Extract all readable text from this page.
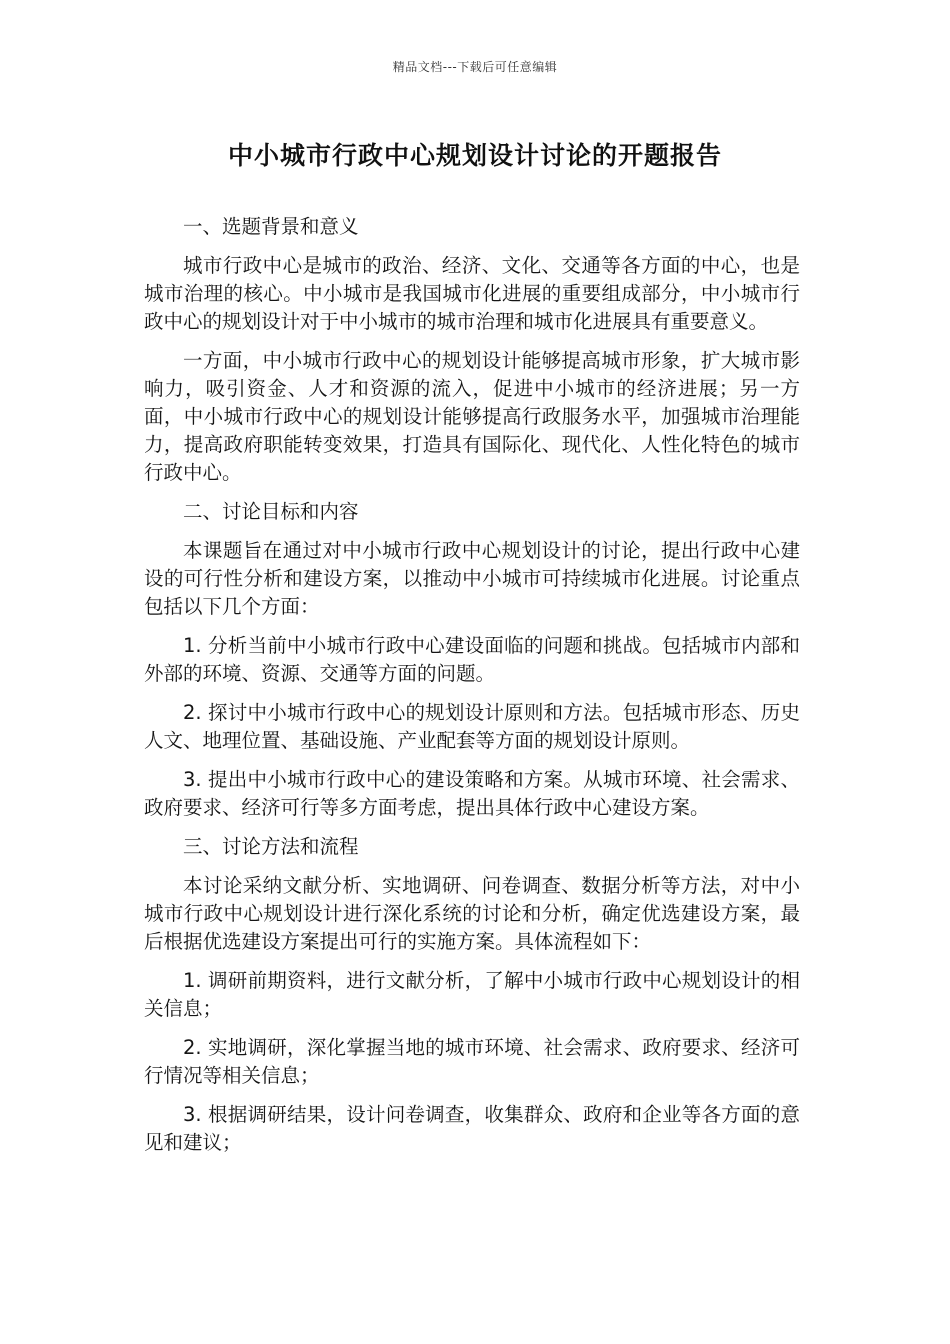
精品文档---下载后可任意编辑
中小城市行政中心规划设计讨论的开题报告

一、选题背景和意义

城市行政中心是城市的政治、经济、文化、交通等各方面的中心，也是城市治理的核心。中小城市是我国城市化进展的重要组成部分，中小城市行政中心的规划设计对于中小城市的城市治理和城市化进展具有重要意义。

一方面，中小城市行政中心的规划设计能够提高城市形象，扩大城市影响力，吸引资金、人才和资源的流入，促进中小城市的经济进展；另一方面，中小城市行政中心的规划设计能够提高行政服务水平，加强城市治理能力，提高政府职能转变效果，打造具有国际化、现代化、人性化特色的城市行政中心。

二、讨论目标和内容

本课题旨在通过对中小城市行政中心规划设计的讨论，提出行政中心建设的可行性分析和建设方案，以推动中小城市可持续城市化进展。讨论重点包括以下几个方面：

1. 分析当前中小城市行政中心建设面临的问题和挑战。包括城市内部和外部的环境、资源、交通等方面的问题。

2. 探讨中小城市行政中心的规划设计原则和方法。包括城市形态、历史人文、地理位置、基础设施、产业配套等方面的规划设计原则。

3. 提出中小城市行政中心的建设策略和方案。从城市环境、社会需求、政府要求、经济可行等多方面考虑，提出具体行政中心建设方案。

三、讨论方法和流程

本讨论采纳文献分析、实地调研、问卷调查、数据分析等方法，对中小城市行政中心规划设计进行深化系统的讨论和分析，确定优选建设方案，最后根据优选建设方案提出可行的实施方案。具体流程如下：

1. 调研前期资料，进行文献分析，了解中小城市行政中心规划设计的相关信息；

2. 实地调研，深化掌握当地的城市环境、社会需求、政府要求、经济可行情况等相关信息；

3. 根据调研结果，设计问卷调查，收集群众、政府和企业等各方面的意见和建议；
